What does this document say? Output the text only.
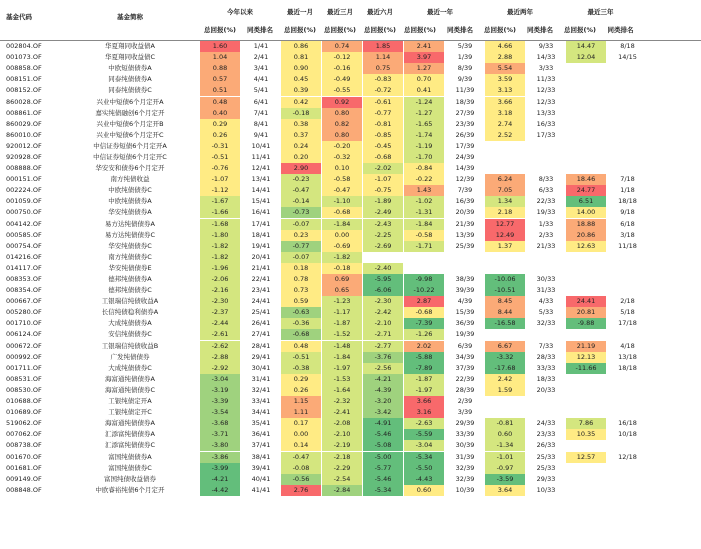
基金代码	基金简称
今年以来	最近一月	最近三月	最近六月	最近一年	最近两年	最近三年
总回报(%)	同类排名	总回报(%)	总回报(%)	总回报(%)	总回报(%)	同类排名	总回报(%)	同类排名	总回报(%)	同类排名
002804.OF	华夏翔同收益债A	1.60	1/41	0.86	0.74	1.85	2.41	5/39	4.66	9/33	14.47	8/18
001073.OF	华夏翔同收益债C	1.04	2/41	0.81	-0.12	1.14	3.97	1/39	2.88	14/33	12.04	14/15
008858.OF	中欧短债债券A	0.88	3/41	0.90	-0.16	0.75	1.27	8/39	5.54	3/33
008151.OF	同泰纯债债券A	0.57	4/41	0.45	-0.49	-0.83	0.70	9/39	3.59	11/33
008152.OF	同泰纯债债券C	0.51	5/41	0.39	-0.55	-0.72	0.41	11/39	3.13	12/33
860028.OF	兴业中短债6个月定开A	0.48	6/41	0.42	0.92	-0.61	-1.24	18/39	3.66	12/33
008861.OF	嘉实纯债融创6个月定开	0.40	7/41	-0.18	0.80	-0.77	-1.27	27/39	3.18	13/33
860029.OF	兴业中短债6个月定开B	0.29	8/41	0.38	0.82	-0.81	-1.65	23/39	2.74	16/33
860010.OF	兴业中短债6个月定开C	0.26	9/41	0.37	0.80	-0.85	-1.74	26/39	2.52	17/33
920012.OF	中信证券短债6个月定开A	-0.31	10/41	0.24	-0.20	-0.45	-1.19	17/39
920928.OF	中信证券短债6个月定开C	-0.51	11/41	0.20	-0.32	-0.68	-1.70	24/39
008888.OF	华安安和债券6个月定开	-0.76	12/41	2.90	0.10	-2.02	-0.84	14/39
000151.OF	南方纯债收益	-1.07	13/41	-0.23	-0.58	-1.07	-0.22	12/39	6.24	8/33	18.46	7/18
002224.OF	中欧纯债债券C	-1.12	14/41	-0.47	-0.47	-0.75	1.43	7/39	7.05	6/33	24.77	1/18
001059.OF	中欧纯债债券A	-1.67	15/41	-0.14	-1.10	-1.89	-1.02	16/39	1.34	22/33	6.51	18/18
000750.OF	华安纯债债券A	-1.66	16/41	-0.73	-0.68	-2.49	-1.31	20/39	2.18	19/33	14.00	9/18
004142.OF	易方达纯债债券A	-1.68	17/41	-0.07	-1.84	-2.43	-1.84	21/39	12.77	1/33	18.88	6/18
000585.OF	易方达纯债债券C	-1.80	18/41	0.23	0.00	-2.25	-0.58	13/39	12.49	2/33	20.86	3/18
000754.OF	华安纯债债券C	-1.82	19/41	-0.77	-0.69	-2.69	-1.71	25/39	1.37	21/33	12.63	11/18
014216.OF	南方纯债债券C	-1.82	20/41	-0.07	-1.82
014117.OF	华安纯债债券E	-1.96	21/41	0.18	-0.18	-2.40
008353.OF	德邦纯债债券A	-2.06	22/41	0.78	0.69	-5.95	-9.98	38/39	-10.06	30/33
008354.OF	德邦纯债债券C	-2.16	23/41	0.73	0.65	-6.06	-10.22	39/39	-10.51	31/33
000667.OF	工银瑞信纯债收益A	-2.30	24/41	0.59	-1.23	-2.30	2.87	4/39	8.45	4/33	24.41	2/18
005280.OF	长信纯债稳利债券A	-2.37	25/41	-0.63	-1.17	-2.42	-0.68	15/39	8.44	5/33	20.81	5/18
001710.OF	大成纯债债券A	-2.44	26/41	-0.36	-1.87	-2.10	-7.39	36/39	-16.58	32/33	-9.88	17/18
006124.OF	安信纯债债券C	-2.61	27/41	-0.68	-1.52	-2.71	-1.26	19/39
000672.OF	工银瑞信纯债收益B	-2.62	28/41	0.48	-1.48	-2.77	2.02	6/39	6.67	7/33	21.19	4/18
000992.OF	广发纯债债券	-2.88	29/41	-0.51	-1.84	-3.76	-5.88	34/39	-3.32	28/33	12.13	13/18
001711.OF	大成纯债债券C	-2.92	30/41	-0.38	-1.97	-2.56	-7.89	37/39	-17.68	33/33	-11.66	18/18
008531.OF	海富通纯债债券A	-3.04	31/41	0.29	-1.53	-4.21	-1.87	22/39	2.42	18/33
008530.OF	海富通纯债债券C	-3.19	32/41	0.26	-1.64	-4.39	-1.97	28/39	1.59	20/33
010688.OF	工银纯债定开A	-3.39	33/41	1.15	-2.32	-3.20	3.66	2/39
010689.OF	工银纯债定开C	-3.54	34/41	1.11	-2.41	-3.42	3.16	3/39
519062.OF	海富通纯债债券A	-3.68	35/41	0.17	-2.08	-4.91	-2.63	29/39	-0.81	24/33	7.86	16/18
007062.OF	汇添富纯债债券A	-3.71	36/41	0.00	-2.10	-5.46	-5.59	33/39	0.60	23/33	10.35	10/18
008738.OF	汇添富纯债债券C	-3.80	37/41	0.14	-2.19	-5.08	-3.04	30/39	-1.34	26/33
001670.OF	富国纯债债券A	-3.86	38/41	-0.47	-2.18	-5.00	-5.34	31/39	-1.01	25/33	12.57	12/18
001681.OF	富国纯债债券C	-3.99	39/41	-0.08	-2.29	-5.77	-5.50	32/39	-0.97	25/33
009149.OF	富国纯债收益债券	-4.21	40/41	-0.56	-2.54	-5.46	-4.43	32/39	-3.59	29/33
008848.OF	中欧睿裕纯债6个月定开	-4.42	41/41	2.76	-2.84	-5.34	0.60	10/39	3.64	10/33
